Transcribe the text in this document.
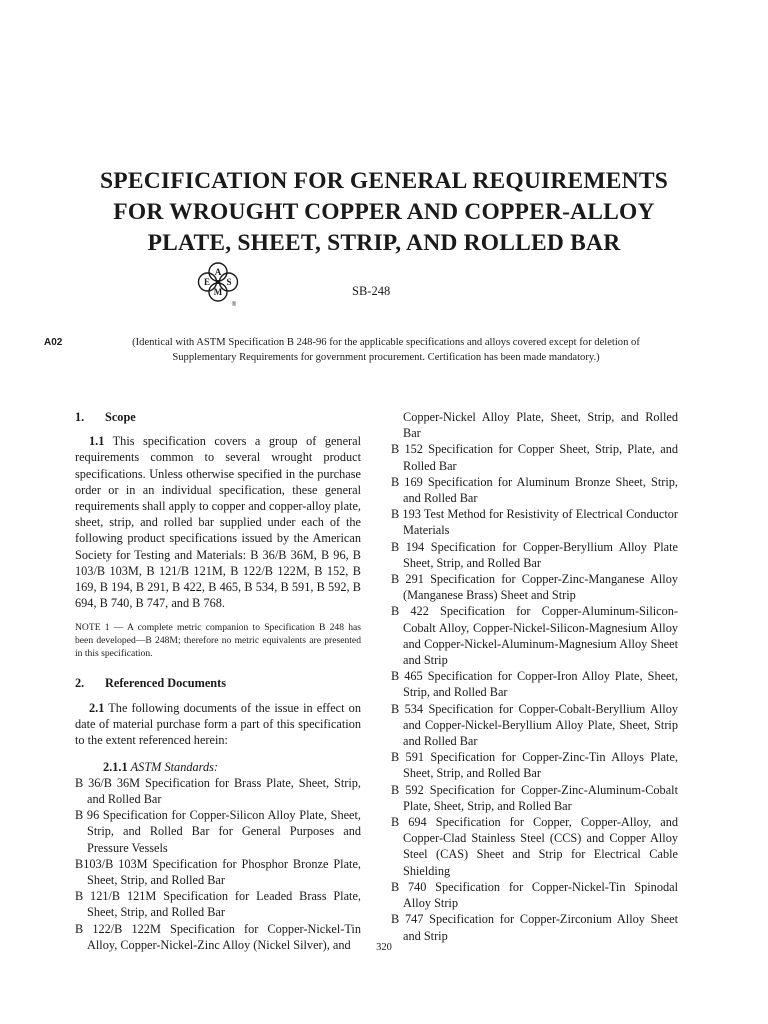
SPECIFICATION FOR GENERAL REQUIREMENTS
FOR WROUGHT COPPER AND COPPER-ALLOY
PLATE, SHEET, STRIP, AND ROLLED BAR
A
E S
M
®
SB-248
A02	(Identical with ASTM Specification B 248-96 for the applicable specifications and alloys covered except for deletion of
Supplementary Requirements for government procurement. Certification has been made mandatory.)

1. Scope

1.1 This specification covers a group of general requirements common to several wrought product specifications. Unless otherwise specified in the purchase order or in an individual specification, these general requirements shall apply to copper and copper-alloy plate, sheet, strip, and rolled bar supplied under each of the following product specifications issued by the American Society for Testing and Materials: B 36/B 36M, B 96, B 103/B 103M, B 121/B 121M, B 122/B 122M, B 152, B 169, B 194, B 291, B 422, B 465, B 534, B 591, B 592, B 694, B 740, B 747, and B 768.

NOTE 1 — A complete metric companion to Specification B 248 has been developed—B 248M; therefore no metric equivalents are presented in this specification.

2. Referenced Documents

2.1 The following documents of the issue in effect on date of material purchase form a part of this specification to the extent referenced herein:

2.1.1 ASTM Standards:

B 36/B 36M Specification for Brass Plate, Sheet, Strip, and Rolled Bar

B 96 Specification for Copper-Silicon Alloy Plate, Sheet, Strip, and Rolled Bar for General Purposes and Pressure Vessels

B103/B 103M Specification for Phosphor Bronze Plate, Sheet, Strip, and Rolled Bar

B 121/B 121M Specification for Leaded Brass Plate, Sheet, Strip, and Rolled Bar

B 122/B 122M Specification for Copper-Nickel-Tin Alloy, Copper-Nickel-Zinc Alloy (Nickel Silver), and

Copper-Nickel Alloy Plate, Sheet, Strip, and Rolled Bar

B 152 Specification for Copper Sheet, Strip, Plate, and Rolled Bar

B 169 Specification for Aluminum Bronze Sheet, Strip, and Rolled Bar

B 193 Test Method for Resistivity of Electrical Conductor Materials

B 194 Specification for Copper-Beryllium Alloy Plate Sheet, Strip, and Rolled Bar

B 291 Specification for Copper-Zinc-Manganese Alloy (Manganese Brass) Sheet and Strip

B 422 Specification for Copper-Aluminum-Silicon-Cobalt Alloy, Copper-Nickel-Silicon-Magnesium Alloy and Copper-Nickel-Aluminum-Magnesium Alloy Sheet and Strip

B 465 Specification for Copper-Iron Alloy Plate, Sheet, Strip, and Rolled Bar

B 534 Specification for Copper-Cobalt-Beryllium Alloy and Copper-Nickel-Beryllium Alloy Plate, Sheet, Strip and Rolled Bar

B 591 Specification for Copper-Zinc-Tin Alloys Plate, Sheet, Strip, and Rolled Bar

B 592 Specification for Copper-Zinc-Aluminum-Cobalt Plate, Sheet, Strip, and Rolled Bar

B 694 Specification for Copper, Copper-Alloy, and Copper-Clad Stainless Steel (CCS) and Copper Alloy Steel (CAS) Sheet and Strip for Electrical Cable Shielding

B 740 Specification for Copper-Nickel-Tin Spinodal Alloy Strip

B 747 Specification for Copper-Zirconium Alloy Sheet and Strip

320
